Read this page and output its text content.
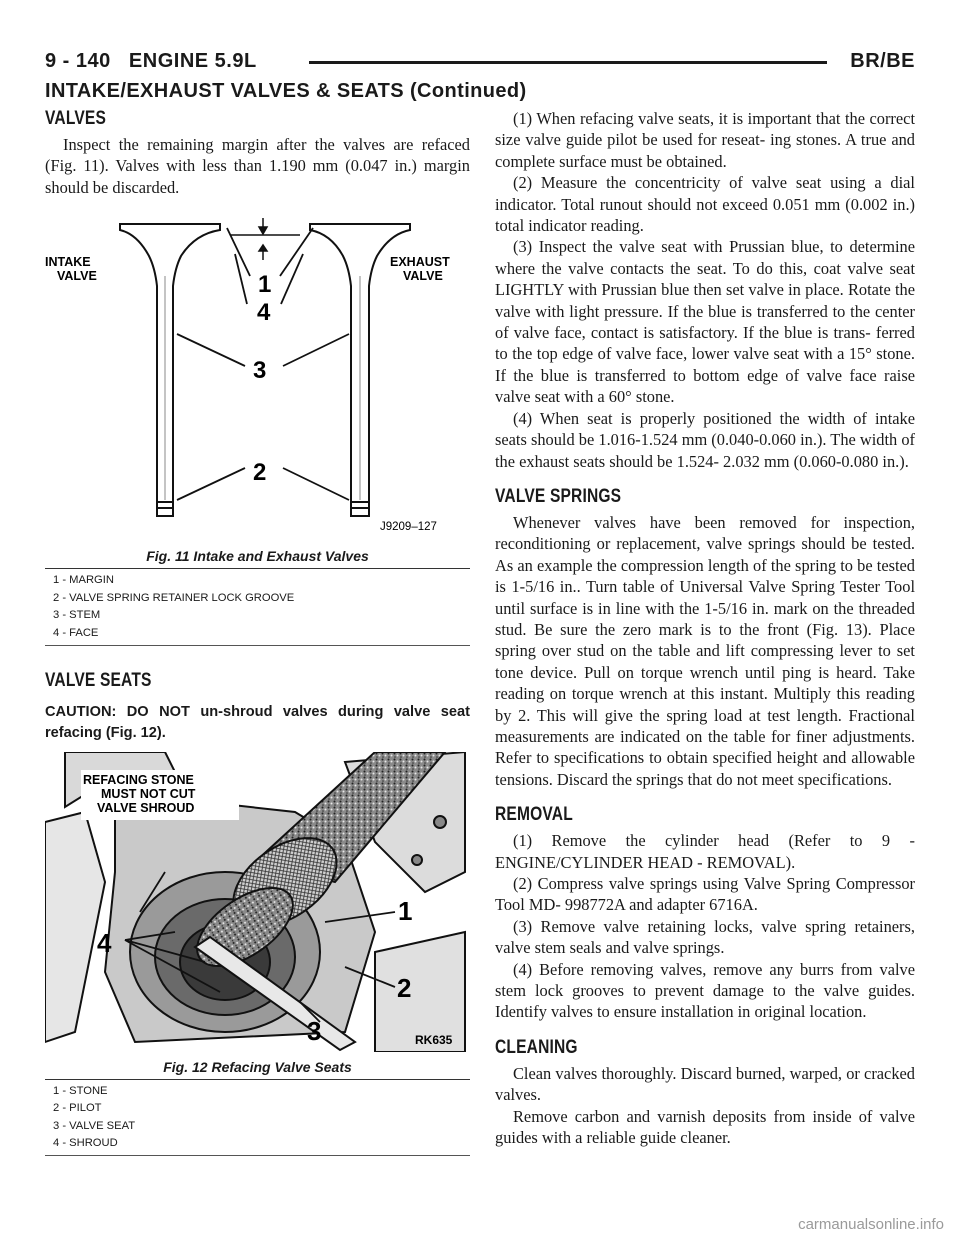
9 - 140   ENGINE 5.9L	BR/BE
INTAKE/EXHAUST VALVES & SEATS (Continued)
VALVES

Inspect the remaining margin after the valves are refaced (Fig. 11). Valves with less than 1.190 mm (0.047 in.) margin should be discarded.

1
4
3
2
INTAKE
VALVE
EXHAUST
VALVE
J9209–127

Fig. 11 Intake and Exhaust Valves

1 - MARGIN
2 - VALVE SPRING RETAINER LOCK GROOVE
3 - STEM
4 - FACE
VALVE SEATS

CAUTION: DO NOT un-shroud valves during valve seat refacing (Fig. 12).

1
2
3
4
REFACING STONE
MUST NOT CUT
VALVE SHROUD
RK635

Fig. 12 Refacing Valve Seats

1 - STONE
2 - PILOT
3 - VALVE SEAT
4 - SHROUD

(1) When refacing valve seats, it is important that the correct size valve guide pilot be used for reseat- ing stones. A true and complete surface must be obtained.

(2) Measure the concentricity of valve seat using a dial indicator. Total runout should not exceed 0.051 mm (0.002 in.) total indicator reading.

(3) Inspect the valve seat with Prussian blue, to determine where the valve contacts the seat. To do this, coat valve seat LIGHTLY with Prussian blue then set valve in place. Rotate the valve with light pressure. If the blue is transferred to the center of valve face, contact is satisfactory. If the blue is trans- ferred to the top edge of valve face, lower valve seat with a 15° stone. If the blue is transferred to bottom edge of valve face raise valve seat with a 60° stone.

(4) When seat is properly positioned the width of intake seats should be 1.016-1.524 mm (0.040-0.060 in.). The width of the exhaust seats should be 1.524- 2.032 mm (0.060-0.080 in.).

VALVE SPRINGS

Whenever valves have been removed for inspection, reconditioning or replacement, valve springs should be tested. As an example the compression length of the spring to be tested is 1-5/16 in.. Turn table of Universal Valve Spring Tester Tool until surface is in line with the 1-5/16 in. mark on the threaded stud. Be sure the zero mark is to the front (Fig. 13). Place spring over stud on the table and lift compressing lever to set tone device. Pull on torque wrench until ping is heard. Take reading on torque wrench at this instant. Multiply this reading by 2. This will give the spring load at test length. Fractional measurements are indicated on the table for finer adjustments. Refer to specifications to obtain specified height and allowable tensions. Discard the springs that do not meet specifications.

REMOVAL

(1) Remove the cylinder head (Refer to 9 - ENGINE/CYLINDER HEAD - REMOVAL).

(2) Compress valve springs using Valve Spring Compressor Tool MD- 998772A and adapter 6716A.

(3) Remove valve retaining locks, valve spring retainers, valve stem seals and valve springs.

(4) Before removing valves, remove any burrs from valve stem lock grooves to prevent damage to the valve guides. Identify valves to ensure installation in original location.

CLEANING

Clean valves thoroughly. Discard burned, warped, or cracked valves.

Remove carbon and varnish deposits from inside of valve guides with a reliable guide cleaner.

carmanualsonline.info
